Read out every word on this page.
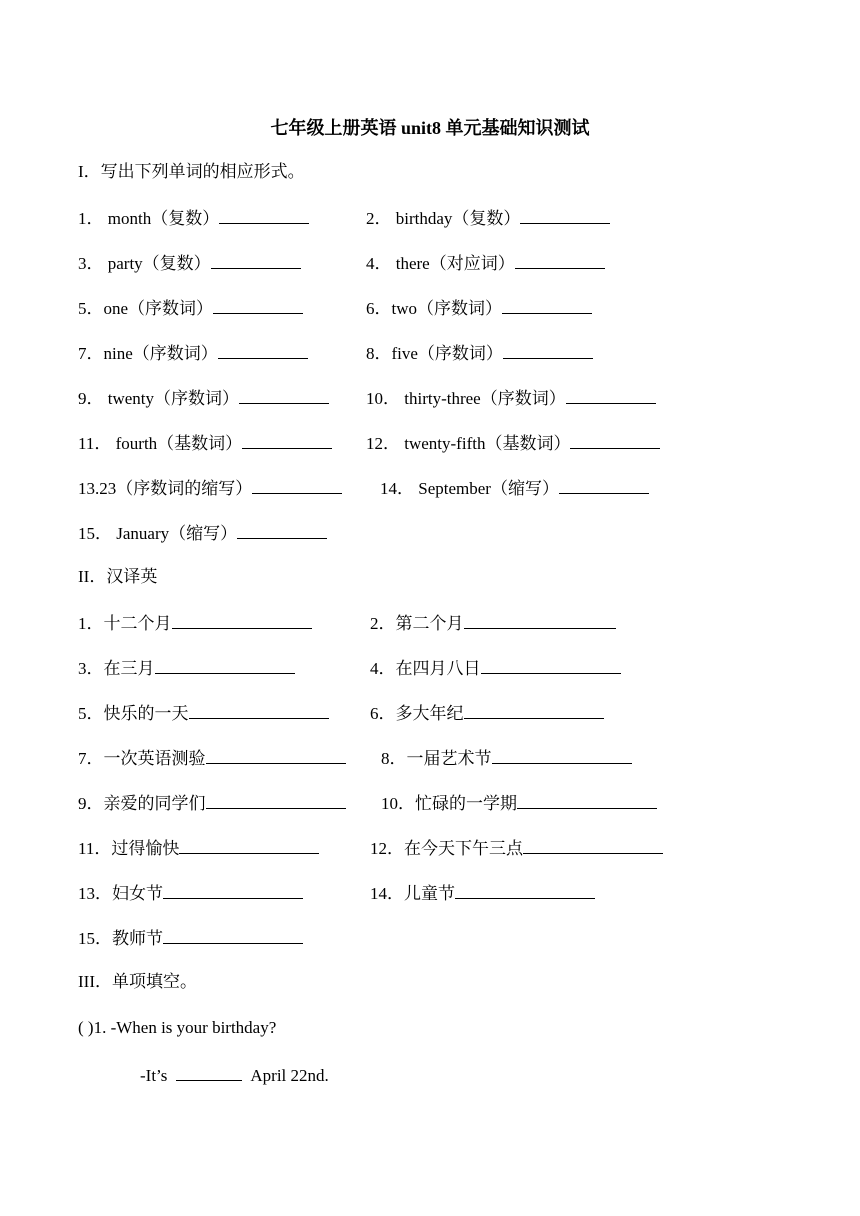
七年级上册英语 unit8 单元基础知识测试
I．写出下列单词的相应形式。
1． month（复数）	2． birthday（复数）
3． party（复数）	4． there（对应词）
5．one（序数词）	6．two（序数词）
7．nine（序数词）	8．five（序数词）
9． twenty（序数词）	10． thirty-three（序数词）
11． fourth（基数词）	12． twenty-fifth（基数词）
13.23（序数词的缩写）	14． September（缩写）
15． January（缩写）
II．汉译英
1．十二个月	2．第二个月
3．在三月	4．在四月八日
5．快乐的一天	6．多大年纪
7．一次英语测验	8．一届艺术节
9．亲爱的同学们	10．忙碌的一学期
11．过得愉快	12．在今天下午三点
13．妇女节	14．儿童节
15．教师节
III．单项填空。
( )1. -When is your birthday?
-It’s	April 22nd.
